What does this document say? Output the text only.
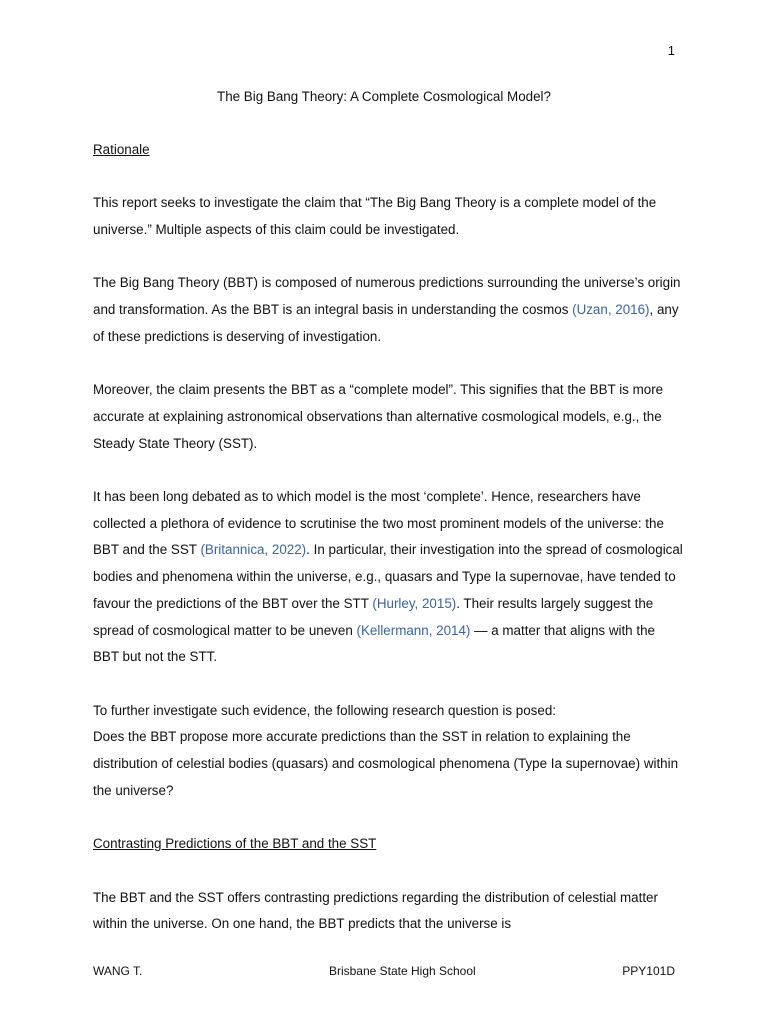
1
The Big Bang Theory: A Complete Cosmological Model?

Rationale

This report seeks to investigate the claim that “The Big Bang Theory is a complete model of the universe.” Multiple aspects of this claim could be investigated.

The Big Bang Theory (BBT) is composed of numerous predictions surrounding the universe’s origin and transformation. As the BBT is an integral basis in understanding the cosmos (Uzan, 2016), any of these predictions is deserving of investigation.

Moreover, the claim presents the BBT as a “complete model”. This signifies that the BBT is more accurate at explaining astronomical observations than alternative cosmological models, e.g., the Steady State Theory (SST).

It has been long debated as to which model is the most ‘complete’. Hence, researchers have collected a plethora of evidence to scrutinise the two most prominent models of the universe: the BBT and the SST (Britannica, 2022). In particular, their investigation into the spread of cosmological bodies and phenomena within the universe, e.g., quasars and Type Ia supernovae, have tended to favour the predictions of the BBT over the STT (Hurley, 2015). Their results largely suggest the spread of cosmological matter to be uneven (Kellermann, 2014) — a matter that aligns with the BBT but not the STT.

To further investigate such evidence, the following research question is posed:

Does the BBT propose more accurate predictions than the SST in relation to explaining the distribution of celestial bodies (quasars) and cosmological phenomena (Type Ia supernovae) within the universe?

Contrasting Predictions of the BBT and the SST

The BBT and the SST offers contrasting predictions regarding the distribution of celestial matter within the universe. On one hand, the BBT predicts that the universe is

WANG T.	Brisbane State High School	PPY101D
